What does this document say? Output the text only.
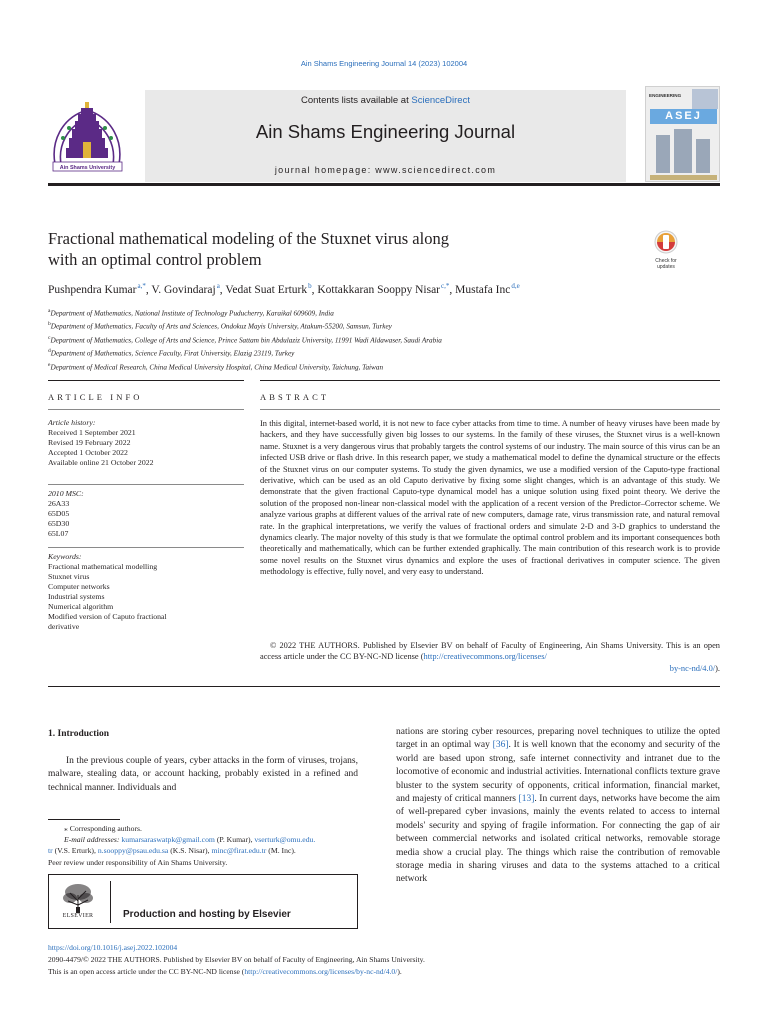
Ain Shams Engineering Journal 14 (2023) 102004
Contents lists available at ScienceDirect
Ain Shams Engineering Journal
journal homepage: www.sciencedirect.com
Ain Shams University
ENGINEERING
ASEJ
Fractional mathematical modeling of the Stuxnet virus along
with an optimal control problem	Check for
updates
Pushpendra Kumar$^{a,*}$, V. Govindaraj$^a$, Vedat Suat Erturk$^b$, Kottakkaran Sooppy Nisar$^{c,*}$, Mustafa Inc$^{d,e}$
$^a$Department of Mathematics, National Institute of Technology Puducherry, Karaikal 609609, India
$^b$Department of Mathematics, Faculty of Arts and Sciences, Ondokuz Mayis University, Atakum-55200, Samsun, Turkey
$^c$Department of Mathematics, College of Arts and Science, Prince Sattam bin Abdulaziz University, 11991 Wadi Aldawaser, Saudi Arabia
$^d$Department of Mathematics, Science Faculty, Firat University, Elazig 23119, Turkey
$^e$Department of Medical Research, China Medical University Hospital, China Medical University, Taichung, Taiwan
ARTICLE INFO	ABSTRACT
Article history:
Received 1 September 2021
Revised 19 February 2022
Accepted 1 October 2022
Available online 21 October 2022
2010 MSC:
26A33
65D05
65D30
65L07
Keywords:
Fractional mathematical modelling
Stuxnet virus
Computer networks
Industrial systems
Numerical algorithm
Modified version of Caputo fractional
derivative
In this digital, internet-based world, it is not new to face cyber attacks from time to time. A number of heavy viruses have been made by hackers, and they have successfully given big losses to our systems. In the family of these viruses, the Stuxnet virus is a well-known name. Stuxnet is a very dangerous virus that probably targets the control systems of our industry. The main source of this virus can be an infected USB drive or flash drive. In this research paper, we study a mathematical model to define the dynamical structure or the effects of the Stuxnet virus on our computer systems. To study the given dynamics, we use a modified version of the Caputo-type fractional derivative, which can be used as an old Caputo derivative by fixing some slight changes, which is an advantage of this study. We demonstrate that the given fractional Caputo-type dynamical model has a unique solution using fixed point theory. We derive the solution of the proposed non-linear non-classical model with the application of a recent version of the Predictor–Corrector scheme. We analyze various graphs at different values of the arrival rate of new computers, damage rate, virus transmission rate, and natural removal rate. In the graphical interpretations, we verify the values of fractional orders and simulate 2-D and 3-D graphics to understand the dynamics clearly. The major novelty of this study is that we formulate the optimal control problem and its important consequences both theoretically and mathematically, which can be further extended graphically. The main contribution of this research work is to provide some novel results on the Stuxnet virus dynamics and explore the uses of fractional derivatives in computer science. The given methodology is effective, fully novel, and very easy to understand.
© 2022 THE AUTHORS. Published by Elsevier BV on behalf of Faculty of Engineering, Ain Shams University. This is an open access article under the CC BY-NC-ND license (http://creativecommons.org/licenses/
by-nc-nd/4.0/).
1. Introduction
In the previous couple of years, cyber attacks in the form of viruses, trojans, malware, stealing data, or account hacking, probably existed in a refined and technical manner. Individuals and
nations are storing cyber resources, preparing novel techniques to utilize the opted target in an optimal way [36]. It is well known that the economy and security of the world are based upon strong, safe internet connectivity and intranet due to the locomotive of economic and industrial activities. International conflicts texture grave bluster to the system security of opponents, critical information, financial market, and majesty of critical manners [13]. In current days, networks have become the aim of well-prepared cyber invasions, mainly the events related to access to internal models' security and spying of fragile information. For connecting the gap of air between commercial networks and isolated critical networks, removable storage media show a crucial play. The things which raise the contribution of removable storage media in sharing viruses and data to the systems attached to a critical network
⁎ Corresponding authors.
E-mail addresses: kumarsaraswatpk@gmail.com (P. Kumar), vserturk@omu.edu.
tr (V.S. Erturk), n.sooppy@psau.edu.sa (K.S. Nisar), minc@firat.edu.tr (M. Inc).
Peer review under responsibility of Ain Shams University.
ELSEVIER	Production and hosting by Elsevier
https://doi.org/10.1016/j.asej.2022.102004
2090-4479/© 2022 THE AUTHORS. Published by Elsevier BV on behalf of Faculty of Engineering, Ain Shams University.
This is an open access article under the CC BY-NC-ND license (http://creativecommons.org/licenses/by-nc-nd/4.0/).
